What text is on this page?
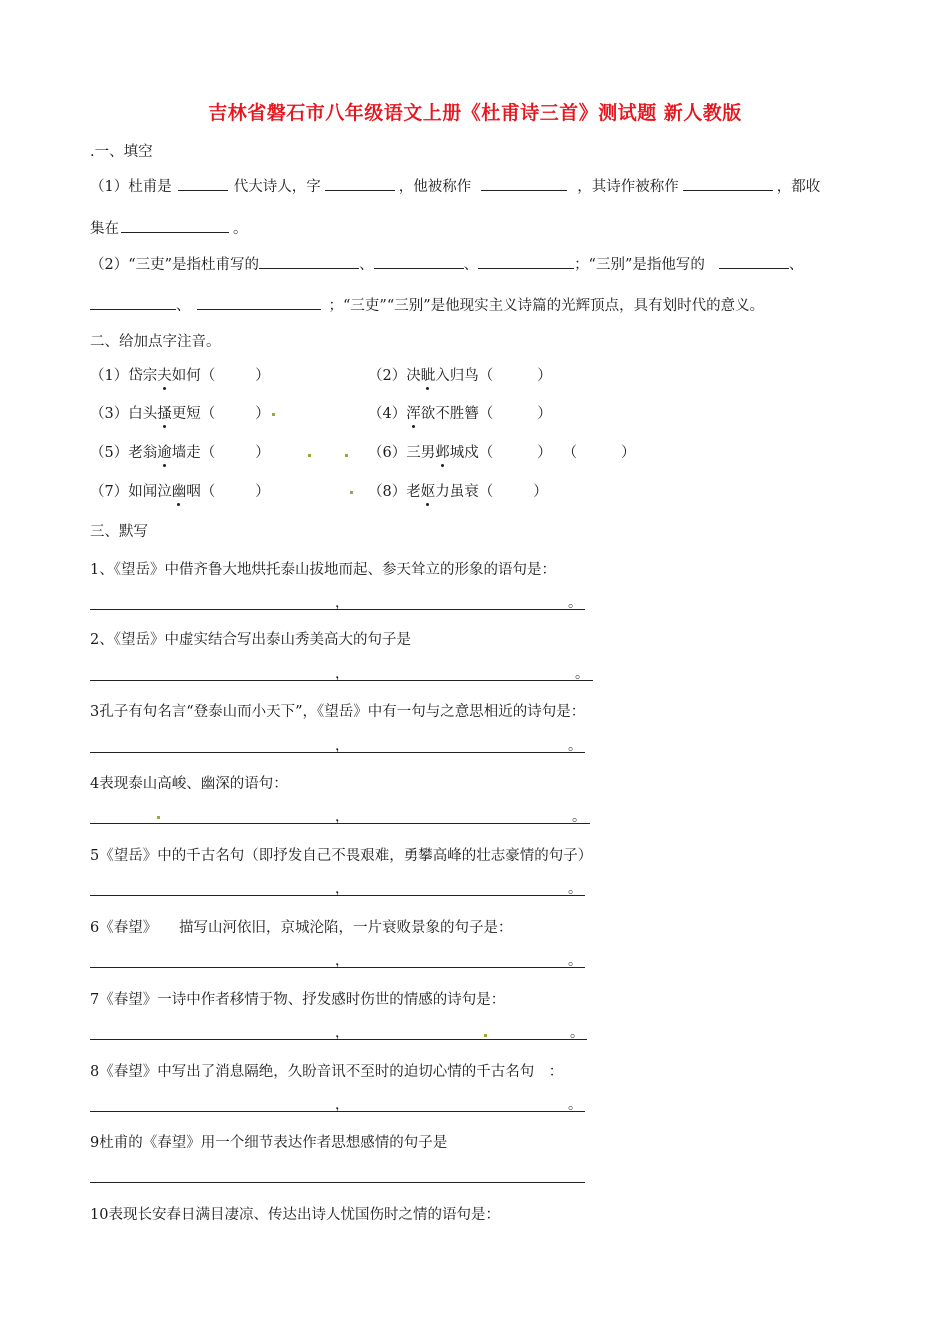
吉林省磐石市八年级语文上册《杜甫诗三首》测试题 新人教版
.一、填空
（1）杜甫是	代大诗人，字	，他被称作	，其诗作被称作	，都收
集在	。
（2）“三吏”是指杜甫写的	、	、	；“三别”是指他写的	、
、	；“三吏”“三别”是他现实主义诗篇的光辉顶点，具有划时代的意义。
二、给加点字注音。
（1）岱宗夫如何（	）	（2）决眦入归鸟（	）
（3）白头搔更短（	）	（4）浑欲不胜簪（	）
（5）老翁逾墙走（	）	（6）三男邺城戍（	） （	）
（7）如闻泣幽咽（	）	（8）老妪力虽衰（	）
三、默写
1、《望岳》中借齐鲁大地烘托泰山拔地而起、参天耸立的形象的语句是：
，	。
2、《望岳》中虚实结合写出泰山秀美高大的句子是
，	。
3孔子有句名言“登泰山而小天下”，《望岳》中有一句与之意思相近的诗句是：
，	。
4表现泰山高峻、幽深的语句：
，	。
5《望岳》中的千古名句（即抒发自己不畏艰难，勇攀高峰的壮志豪情的句子）
，	。
6《春望》　　描写山河依旧，京城沦陷，一片衰败景象的句子是：
，	。
7《春望》一诗中作者移情于物、抒发感时伤世的情感的诗句是：
，	。
8《春望》中写出了消息隔绝，久盼音讯不至时的迫切心情的千古名句　：
，	。
9杜甫的《春望》用一个细节表达作者思想感情的句子是
10表现长安春日满目凄凉、传达出诗人忧国伤时之情的语句是：
